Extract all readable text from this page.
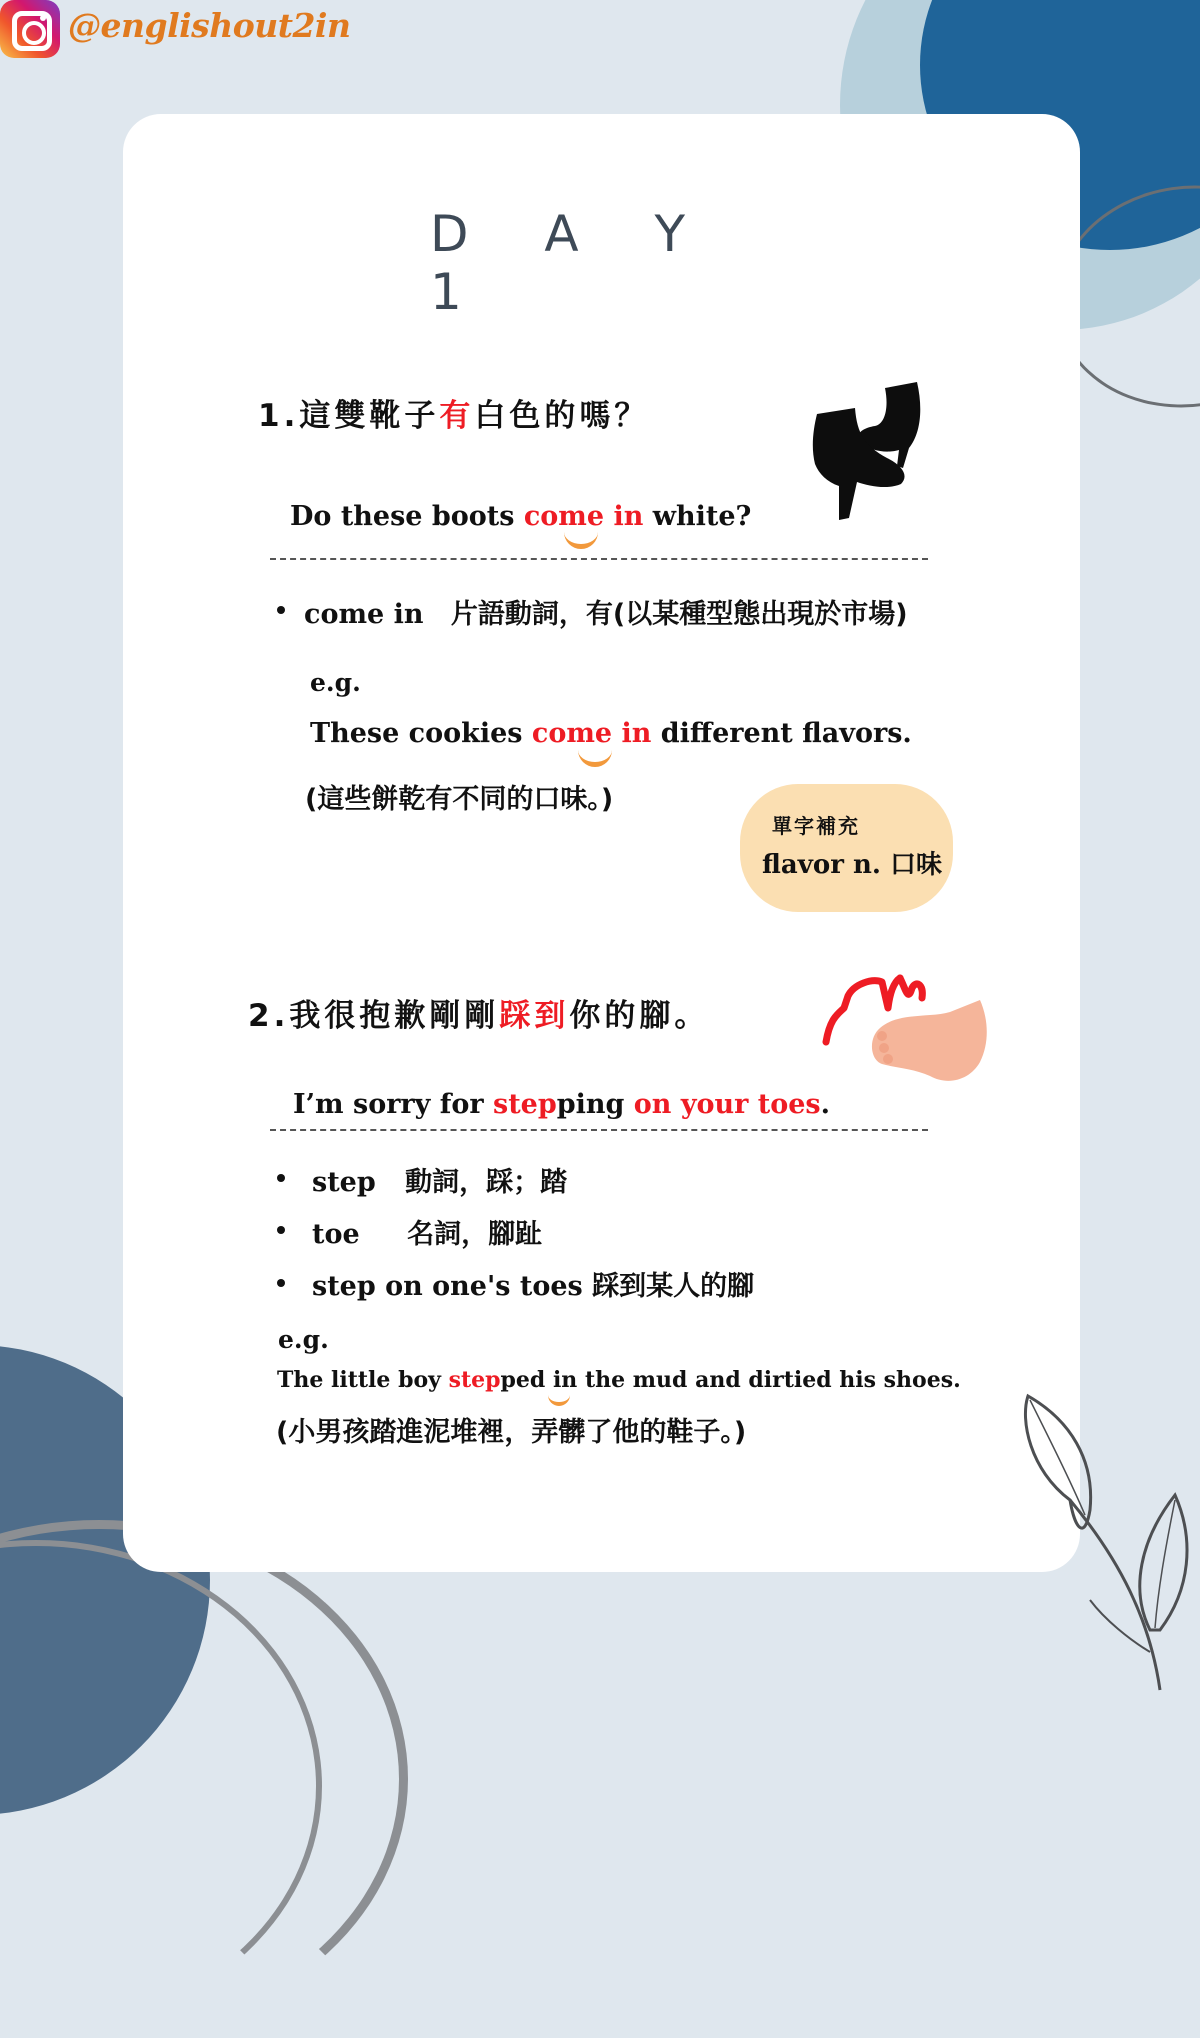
@englishout2in
D A Y 1
1.這雙靴子有白色的嗎？
Do these boots come in white?
come in 片語動詞，有(以某種型態出現於市場)
e.g.
These cookies come in different flavors.
(這些餅乾有不同的口味。)
單字補充
flavor n. 口味
2.我很抱歉剛剛踩到你的腳。
I’m sorry for stepping on your toes.
step 動詞，踩；踏
toe 名詞，腳趾
step on one's toes 踩到某人的腳
e.g.
The little boy stepped in the mud and dirtied his shoes.
(小男孩踏進泥堆裡，弄髒了他的鞋子。)
